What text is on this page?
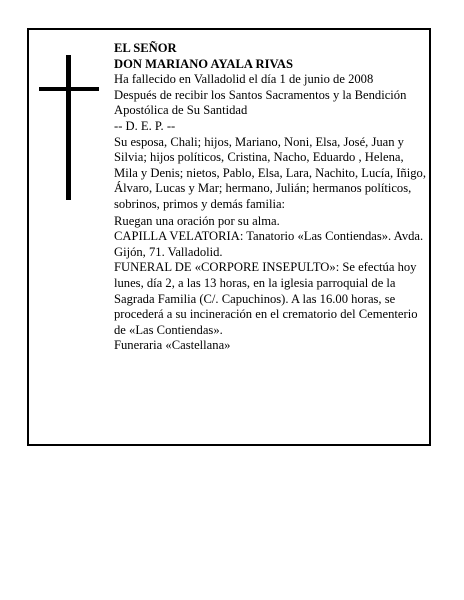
EL SEÑOR

DON MARIANO AYALA RIVAS

Ha fallecido en Valladolid el día 1 de junio de 2008

Después de recibir los Santos Sacramentos y la Bendición Apostólica de Su Santidad

-- D. E. P. --

Su esposa, Chali; hijos, Mariano, Noni, Elsa, José, Juan y Silvia; hijos políticos, Cristina, Nacho, Eduardo , Helena, Mila y Denis; nietos, Pablo, Elsa, Lara, Nachito, Lucía, Iñigo, Álvaro, Lucas y Mar; hermano, Julián; hermanos políticos, sobrinos, primos y demás familia:

Ruegan una oración por su alma.

CAPILLA VELATORIA: Tanatorio «Las Contiendas». Avda. Gijón, 71. Valladolid.

FUNERAL DE «CORPORE INSEPULTO»: Se efectúa hoy lunes, día 2, a las 13 horas, en la iglesia parroquial de la Sagrada Familia (C/. Capuchinos). A las 16.00 horas, se procederá a su incineración en el crematorio del Cementerio de «Las Contiendas».

Funeraria «Castellana»
